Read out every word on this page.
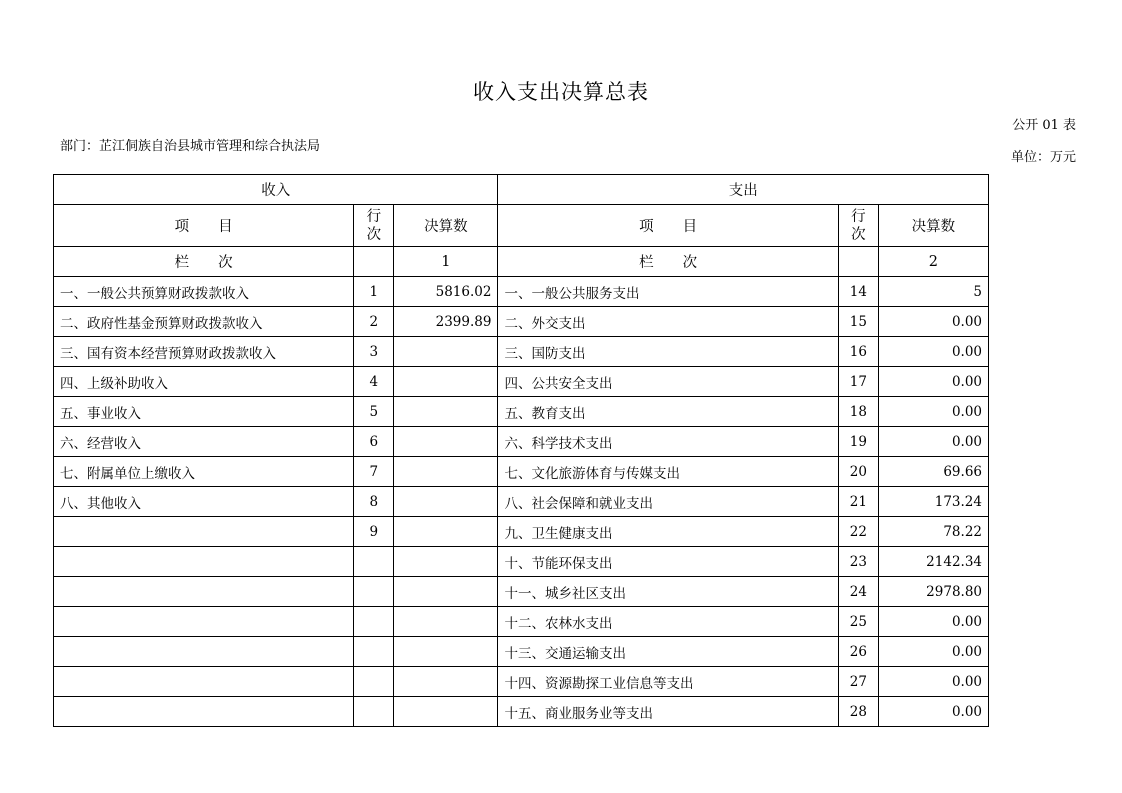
收入支出决算总表
公开 01 表
部门：芷江侗族自治县城市管理和综合执法局
单位：万元
收入			支出		
项　　目	行次	决算数	项　　目	行次	决算数
栏　　次		1	栏　　次		2
一、一般公共预算财政拨款收入	1	5816.02	一、一般公共服务支出	14	5
二、政府性基金预算财政拨款收入	2	2399.89	二、外交支出	15	0.00
三、国有资本经营预算财政拨款收入	3		三、国防支出	16	0.00
四、上级补助收入	4		四、公共安全支出	17	0.00
五、事业收入	5		五、教育支出	18	0.00
六、经营收入	6		六、科学技术支出	19	0.00
七、附属单位上缴收入	7		七、文化旅游体育与传媒支出	20	69.66
八、其他收入	8		八、社会保障和就业支出	21	173.24
	9		九、卫生健康支出	22	78.22
			十、节能环保支出	23	2142.34
			十一、城乡社区支出	24	2978.80
			十二、农林水支出	25	0.00
			十三、交通运输支出	26	0.00
			十四、资源勘探工业信息等支出	27	0.00
			十五、商业服务业等支出	28	0.00
